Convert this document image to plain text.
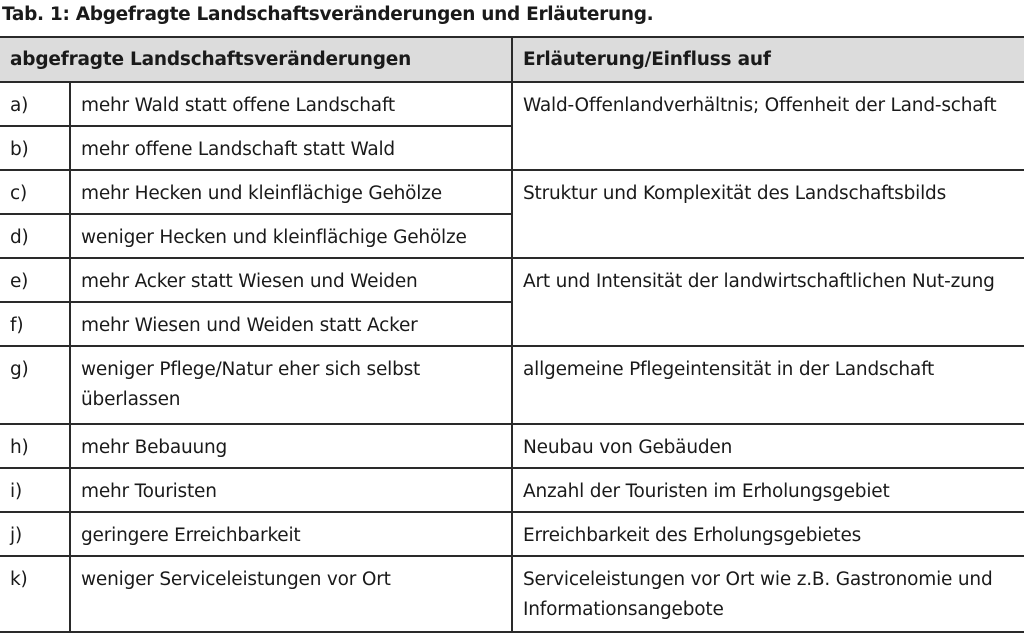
Tab. 1: Abgefragte Landschaftsveränderungen und Erläuterung.
abgefragte Landschaftsveränderungen		Erläuterung/Einfluss auf
a)	mehr Wald statt offene Landschaft	Wald-Offenlandverhältnis; Offenheit der Land-schaft
b)	mehr offene Landschaft statt Wald	
c)	mehr Hecken und kleinflächige Gehölze	Struktur und Komplexität des Landschaftsbilds
d)	weniger Hecken und kleinflächige Gehölze	
e)	mehr Acker statt Wiesen und Weiden	Art und Intensität der landwirtschaftlichen Nut-zung
f)	mehr Wiesen und Weiden statt Acker	
g)	weniger Pflege/Natur eher sich selbst überlassen	allgemeine Pflegeintensität in der Landschaft
h)	mehr Bebauung	Neubau von Gebäuden
i)	mehr Touristen	Anzahl der Touristen im Erholungsgebiet
j)	geringere Erreichbarkeit	Erreichbarkeit des Erholungsgebietes
k)	weniger Serviceleistungen vor Ort	Serviceleistungen vor Ort wie z.B. Gastronomie und Informationsangebote
